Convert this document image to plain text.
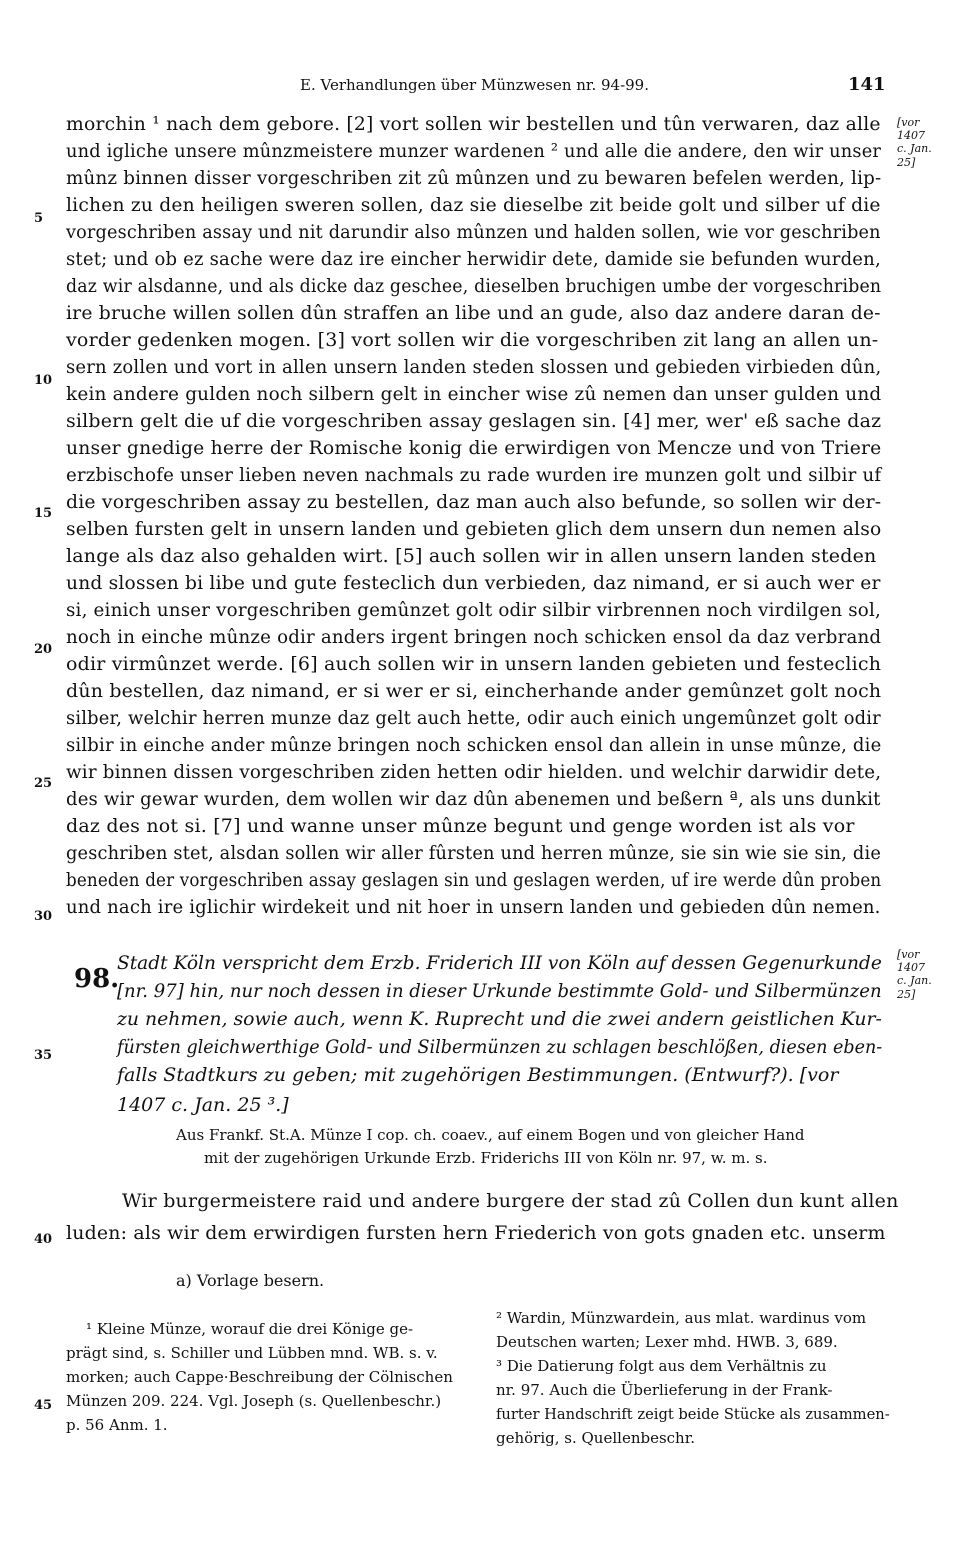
E. Verhandlungen über Münzwesen nr. 94-99.	141
[vor 1407 c. Jan. 25]
[vor 1407 c. Jan. 25]
5
10
15
20
25
30
35
40
45
morchin ¹ nach dem gebore. [2] vort sollen wir bestellen und tûn verwaren, daz alle
und igliche unsere mûnzmeistere munzer wardenen ² und alle die andere, den wir unser
mûnz binnen disser vorgeschriben zit zû mûnzen und zu bewaren befelen werden, lip-
lichen zu den heiligen sweren sollen, daz sie dieselbe zit beide golt und silber uf die
vorgeschriben assay und nit darundir also mûnzen und halden sollen, wie vor geschriben
stet; und ob ez sache were daz ire eincher herwidir dete, damide sie befunden wurden,
daz wir alsdanne, und als dicke daz geschee, dieselben bruchigen umbe der vorgeschriben
ire bruche willen sollen dûn straffen an libe und an gude, also daz andere daran de-
vorder gedenken mogen. [3] vort sollen wir die vorgeschriben zit lang an allen un-
sern zollen und vort in allen unsern landen steden slossen und gebieden virbieden dûn,
kein andere gulden noch silbern gelt in eincher wise zû nemen dan unser gulden und
silbern gelt die uf die vorgeschriben assay geslagen sin. [4] mer, wer' eß sache daz
unser gnedige herre der Romische konig die erwirdigen von Mencze und von Triere
erzbischofe unser lieben neven nachmals zu rade wurden ire munzen golt und silbir uf
die vorgeschriben assay zu bestellen, daz man auch also befunde, so sollen wir der-
selben fursten gelt in unsern landen und gebieten glich dem unsern dun nemen also
lange als daz also gehalden wirt. [5] auch sollen wir in allen unsern landen steden
und slossen bi libe und gute festeclich dun verbieden, daz nimand, er si auch wer er
si, einich unser vorgeschriben gemûnzet golt odir silbir virbrennen noch virdilgen sol,
noch in einche mûnze odir anders irgent bringen noch schicken ensol da daz verbrand
odir virmûnzet werde. [6] auch sollen wir in unsern landen gebieten und festeclich
dûn bestellen, daz nimand, er si wer er si, eincherhande ander gemûnzet golt noch
silber, welchir herren munze daz gelt auch hette, odir auch einich ungemûnzet golt odir
silbir in einche ander mûnze bringen noch schicken ensol dan allein in unse mûnze, die
wir binnen dissen vorgeschriben ziden hetten odir hielden. und welchir darwidir dete,
des wir gewar wurden, dem wollen wir daz dûn abenemen und beßern ª, als uns dunkit
daz des not si. [7] und wanne unser mûnze begunt und genge worden ist als vor
geschriben stet, alsdan sollen wir aller fûrsten und herren mûnze, sie sin wie sie sin, die
beneden der vorgeschriben assay geslagen sin und geslagen werden, uf ire werde dûn proben
und nach ire iglichir wirdekeit und nit hoer in unsern landen und gebieden dûn nemen.
98.
Stadt Köln verspricht dem Erzb. Friderich III von Köln auf dessen Gegenurkunde
[nr. 97] hin, nur noch dessen in dieser Urkunde bestimmte Gold- und Silbermünzen
zu nehmen, sowie auch, wenn K. Ruprecht und die zwei andern geistlichen Kur-
fürsten gleichwerthige Gold- und Silbermünzen zu schlagen beschlößen, diesen eben-
falls Stadtkurs zu geben; mit zugehörigen Bestimmungen. (Entwurf?). [vor
1407 c. Jan. 25 ³.]
Aus Frankf. St.A. Münze I cop. ch. coaev., auf einem Bogen und von gleicher Hand
mit der zugehörigen Urkunde Erzb. Friderichs III von Köln nr. 97, w. m. s.
Wir burgermeistere raid und andere burgere der stad zû Collen dun kunt allen
luden: als wir dem erwirdigen fursten hern Friederich von gots gnaden etc. unserm
a) Vorlage besern.
¹ Kleine Münze, worauf die drei Könige ge-
prägt sind, s. Schiller und Lübben mnd. WB. s. v.
morken; auch Cappe·Beschreibung der Cölnischen
Münzen 209. 224. Vgl. Joseph (s. Quellenbeschr.)
p. 56 Anm. 1.
² Wardin, Münzwardein, aus mlat. wardinus vom
Deutschen warten; Lexer mhd. HWB. 3, 689.
³ Die Datierung folgt aus dem Verhältnis zu
nr. 97. Auch die Überlieferung in der Frank-
furter Handschrift zeigt beide Stücke als zusammen-
gehörig, s. Quellenbeschr.
